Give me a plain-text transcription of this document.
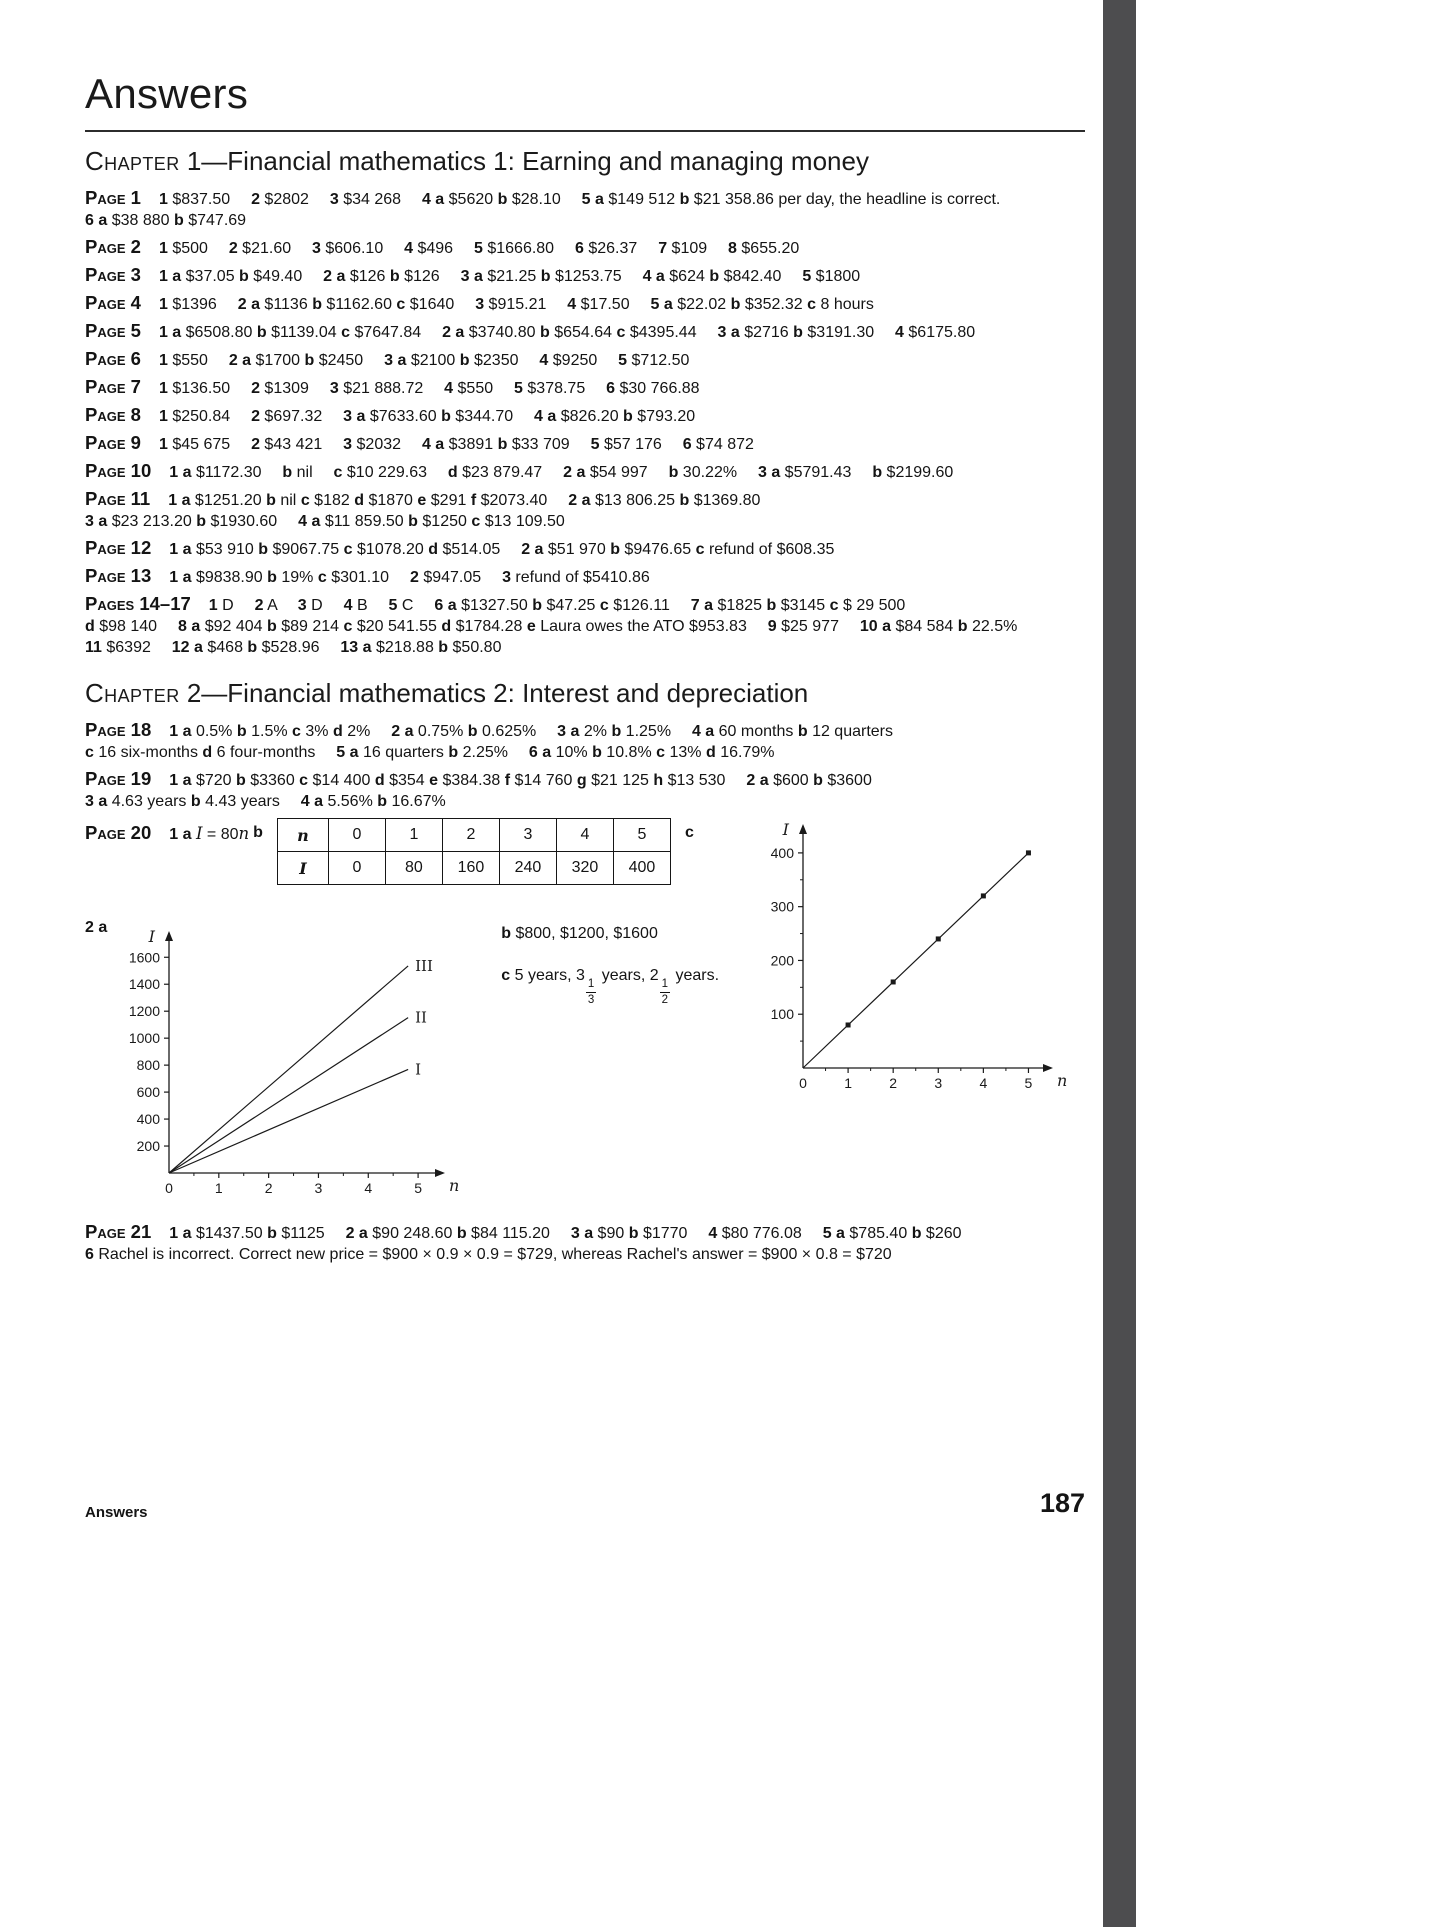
Answers
Chapter 1—Financial mathematics 1: Earning and managing money
Page 1 1 $837.50 2 $2802 3 $34 268 4 a $5620 b $28.10 5 a $149 512 b $21 358.86 per day, the headline is correct.
6 a $38 880 b $747.69
Page 2 1 $500 2 $21.60 3 $606.10 4 $496 5 $1666.80 6 $26.37 7 $109 8 $655.20
Page 3 1 a $37.05 b $49.40 2 a $126 b $126 3 a $21.25 b $1253.75 4 a $624 b $842.40 5 $1800
Page 4 1 $1396 2 a $1136 b $1162.60 c $1640 3 $915.21 4 $17.50 5 a $22.02 b $352.32 c 8 hours
Page 5 1 a $6508.80 b $1139.04 c $7647.84 2 a $3740.80 b $654.64 c $4395.44 3 a $2716 b $3191.30 4 $6175.80
Page 6 1 $550 2 a $1700 b $2450 3 a $2100 b $2350 4 $9250 5 $712.50
Page 7 1 $136.50 2 $1309 3 $21 888.72 4 $550 5 $378.75 6 $30 766.88
Page 8 1 $250.84 2 $697.32 3 a $7633.60 b $344.70 4 a $826.20 b $793.20
Page 9 1 $45 675 2 $43 421 3 $2032 4 a $3891 b $33 709 5 $57 176 6 $74 872
Page 10 1 a $1172.30 b nil c $10 229.63 d $23 879.47 2 a $54 997 b 30.22% 3 a $5791.43 b $2199.60
Page 11 1 a $1251.20 b nil c $182 d $1870 e $291 f $2073.40 2 a $13 806.25 b $1369.80
3 a $23 213.20 b $1930.60 4 a $11 859.50 b $1250 c $13 109.50
Page 12 1 a $53 910 b $9067.75 c $1078.20 d $514.05 2 a $51 970 b $9476.65 c refund of $608.35
Page 13 1 a $9838.90 b 19% c $301.10 2 $947.05 3 refund of $5410.86
Pages 14–17 1 D 2 A 3 D 4 B 5 C 6 a $1327.50 b $47.25 c $126.11 7 a $1825 b $3145 c $ 29 500
d $98 140 8 a $92 404 b $89 214 c $20 541.55 d $1784.28 e Laura owes the ATO $953.83 9 $25 977 10 a $84 584 b 22.5%
11 $6392 12 a $468 b $528.96 13 a $218.88 b $50.80
Chapter 2—Financial mathematics 2: Interest and depreciation
Page 18 1 a 0.5% b 1.5% c 3% d 2% 2 a 0.75% b 0.625% 3 a 2% b 1.25% 4 a 60 months b 12 quarters
c 16 six-months d 6 four-months 5 a 16 quarters b 2.25% 6 a 10% b 10.8% c 13% d 16.79%
Page 19 1 a $720 b $3360 c $14 400 d $354 e $384.38 f $14 760 g $21 125 h $13 530 2 a $600 b $3600
3 a 4.63 years b 4.43 years 4 a 5.56% b 16.67%
Page 20 1 a I = 80n b n	0	1	2	3	4	5
I	0	80	160	240	320	400
c
0	1	2	3	4	5
100
200
300
400
I
n
2 a
0	1	2	3	4	5
200
400
600
800
1000
1200
1400
1600	III
II
I
I
n
b $800, $1200, $1600
c 5 years, 3
$\frac{1}{3}$
years, 2
$\frac{1}{2}$
years.
Page 21 1 a $1437.50 b $1125 2 a $90 248.60 b $84 115.20 3 a $90 b $1770 4 $80 776.08 5 a $785.40 b $260
6 Rachel is incorrect. Correct new price = $900 × 0.9 × 0.9 = $729, whereas Rachel's answer = $900 × 0.8 = $720
Answers	187
